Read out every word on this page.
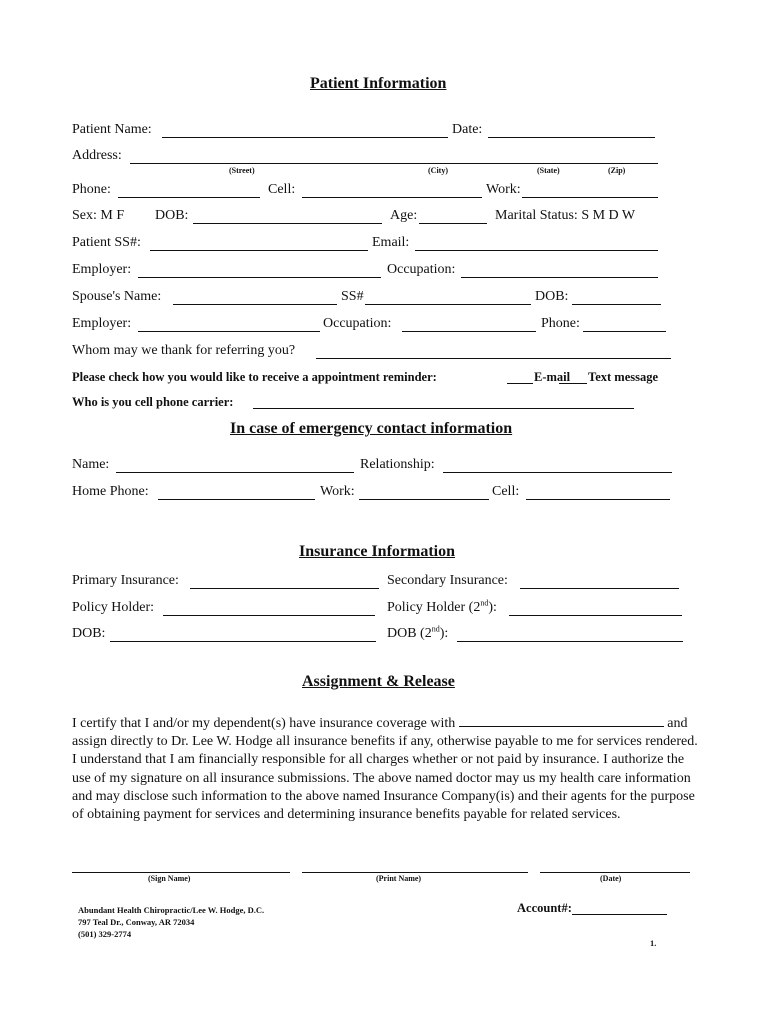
Patient Information
Patient Name:	Date:
Address:
(Street)	(City)	(State)	(Zip)
Phone:	Cell:	Work:
Sex: M F DOB:	Age:	Marital Status: S M D W
Patient SS#:	Email:
Employer:	Occupation:
Spouse's Name:	SS#	DOB:
Employer:	Occupation:	Phone:
Whom may we thank for referring you?
Please check how you would like to receive a appointment reminder:	E-mail Text message
Who is you cell phone carrier:
In case of emergency contact information
Name:	Relationship:
Home Phone:	Work:	Cell:
Insurance Information
Primary Insurance:	Secondary Insurance:
Policy Holder:	Policy Holder (2nd):
DOB:	DOB (2nd):
Assignment & Release
I certify that I and/or my dependent(s) have insurance coverage with	and assign directly to Dr. Lee W. Hodge all insurance benefits if any, otherwise payable to me for services rendered. I understand that I am financially responsible for all charges whether or not paid by insurance. I authorize the use of my signature on all insurance submissions. The above named doctor may us my health care information and may disclose such information to the above named Insurance Company(is) and their agents for the purpose of obtaining payment for services and determining insurance benefits payable for related services.
(Sign Name)	(Print Name)	(Date)
Abundant Health Chiropractic/Lee W. Hodge, D.C.
797 Teal Dr., Conway, AR 72034
(501) 329-2774
Account#:
1.
